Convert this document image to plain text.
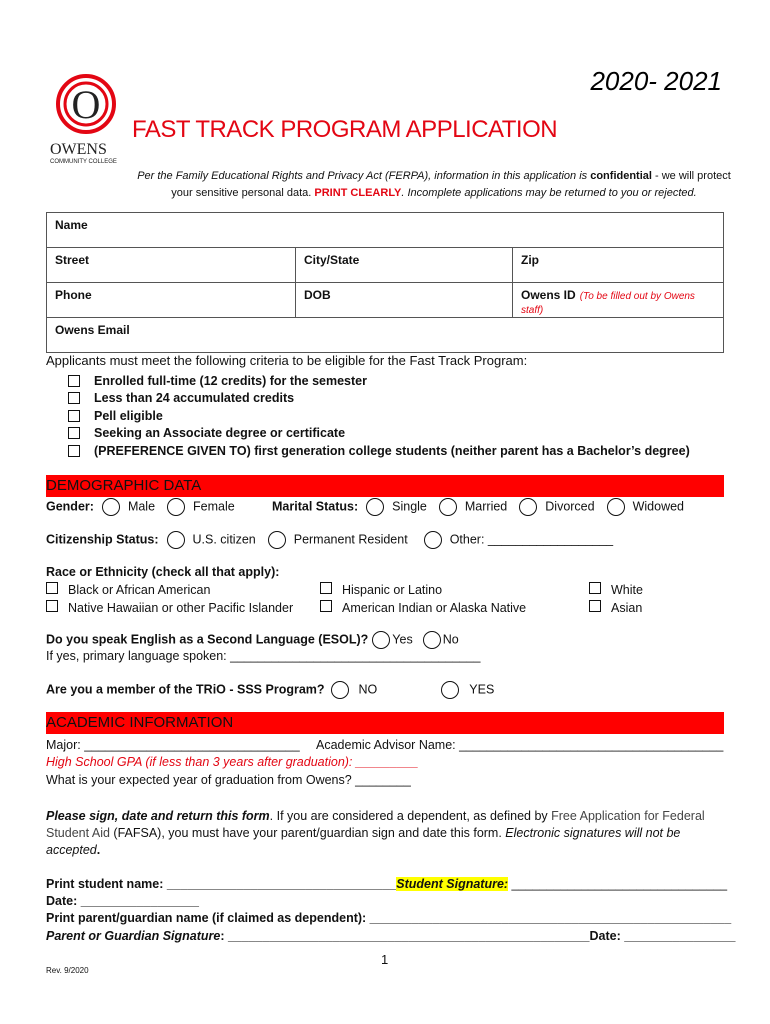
O
OWENS
COMMUNITY COLLEGE
2020- 2021
FAST TRACK PROGRAM APPLICATION
Per the Family Educational Rights and Privacy Act (FERPA), information in this application is confidential - we will protect your sensitive personal data. PRINT CLEARLY. Incomplete applications may be returned to you or rejected.
Name		
Street	City/State	Zip
Phone	DOB	Owens ID (To be filled out by Owens staff)
Owens Email		
Applicants must meet the following criteria to be eligible for the Fast Track Program:
Enrolled full-time (12 credits) for the semester
Less than 24 accumulated credits
Pell eligible
Seeking an Associate degree or certificate
(PREFERENCE GIVEN TO) first generation college students (neither parent has a Bachelor’s degree)
DEMOGRAPHIC DATA
Gender:	Male	Female	Marital Status:	Single	Married	Divorced	Widowed
Citizenship Status:	U.S. citizen	Permanent Resident	Other: __________________
Race or Ethnicity (check all that apply):
Black or African American
Native Hawaiian or other Pacific Islander
Hispanic or Latino
American Indian or Alaska Native
White
Asian
Do you speak English as a Second Language (ESOL)? Yes No
If yes, primary language spoken: ____________________________________
Are you a member of the TRiO - SSS Program?	NO	YES
ACADEMIC INFORMATION
Major: _______________________________ Academic Advisor Name: ______________________________________
High School GPA (if less than 3 years after graduation): _________
What is your expected year of graduation from Owens? ________
Please sign, date and return this form. If you are considered a dependent, as defined by Free Application for Federal
Student Aid (FAFSA), you must have your parent/guardian sign and date this form. Electronic signatures will not be accepted.
Print student name: _________________________________Student Signature: _______________________________
Date: _________________
Print parent/guardian name (if claimed as dependent): ____________________________________________________
Parent or Guardian Signature: ____________________________________________________Date: ________________
1
Rev. 9/2020
